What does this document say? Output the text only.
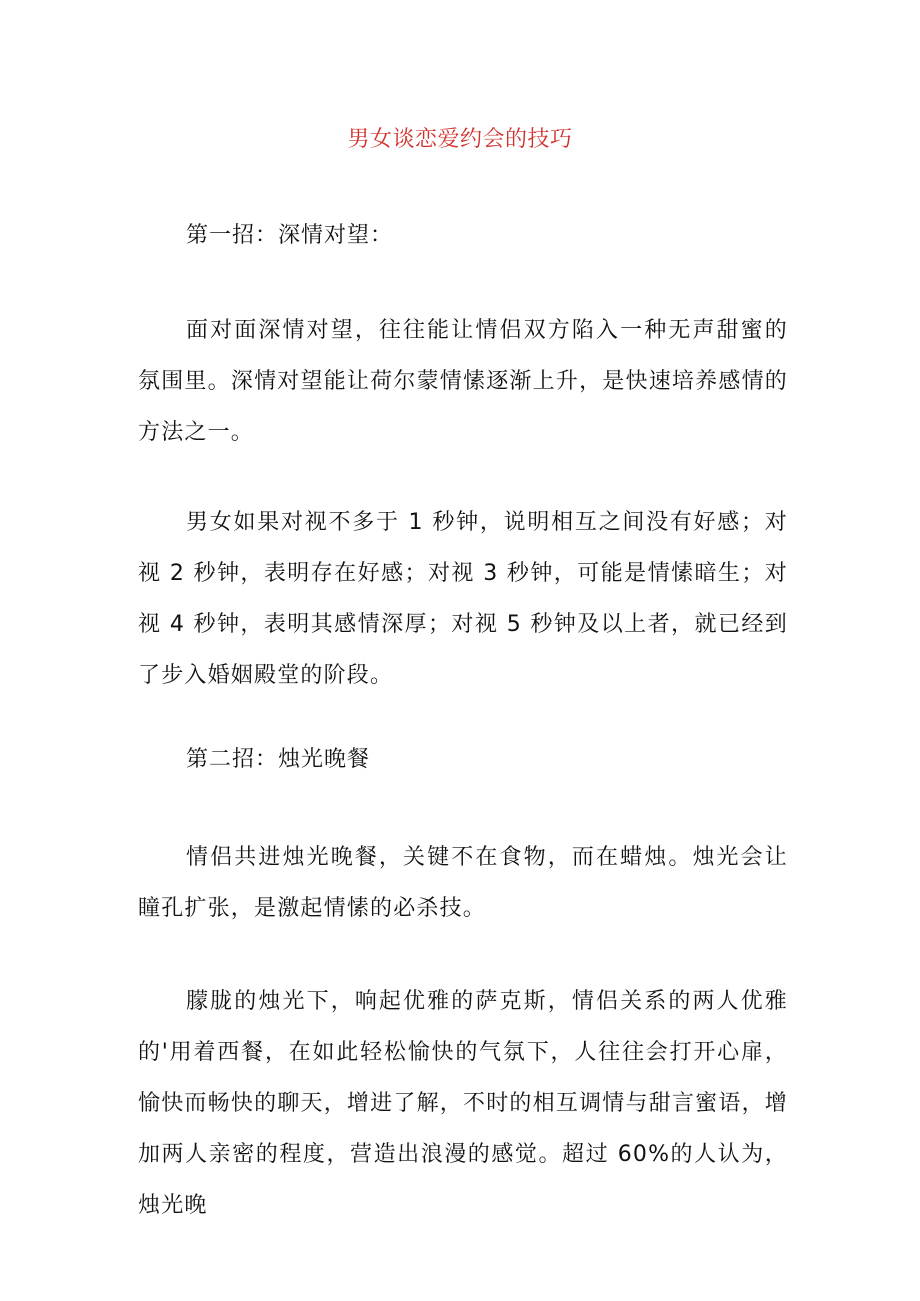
男女谈恋爱约会的技巧
第一招：深情对望：

面对面深情对望，往往能让情侣双方陷入一种无声甜蜜的氛围里。深情对望能让荷尔蒙情愫逐渐上升，是快速培养感情的方法之一。

男女如果对视不多于 1 秒钟，说明相互之间没有好感；对视 2 秒钟，表明存在好感；对视 3 秒钟，可能是情愫暗生；对视 4 秒钟，表明其感情深厚；对视 5 秒钟及以上者，就已经到了步入婚姻殿堂的阶段。

第二招：烛光晚餐

情侣共进烛光晚餐，关键不在食物，而在蜡烛。烛光会让瞳孔扩张，是激起情愫的必杀技。

朦胧的烛光下，响起优雅的萨克斯，情侣关系的两人优雅的'用着西餐，在如此轻松愉快的气氛下，人往往会打开心扉，愉快而畅快的聊天，增进了解，不时的相互调情与甜言蜜语，增加两人亲密的程度，营造出浪漫的感觉。超过 60%的人认为，烛光晚
